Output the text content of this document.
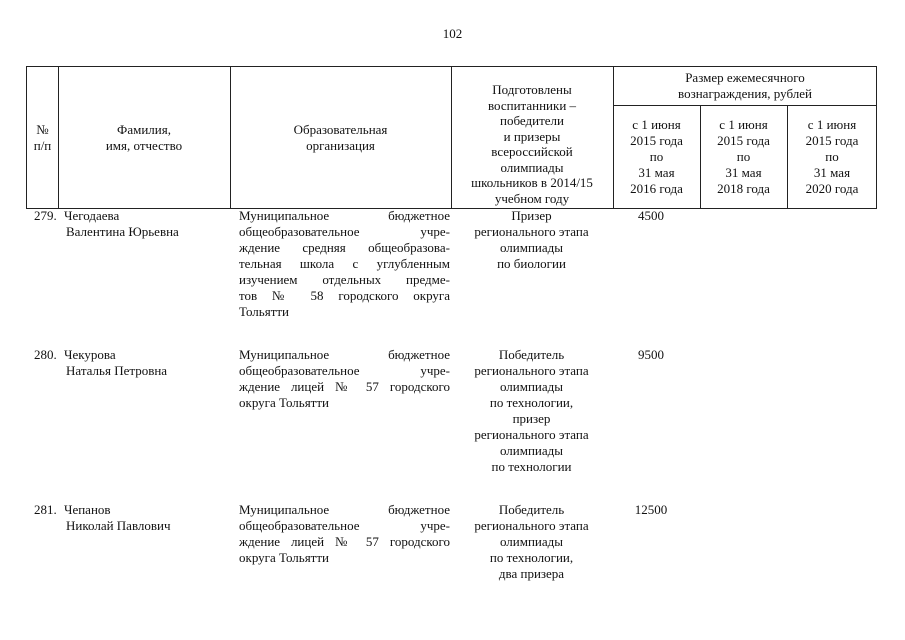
102
№
п/п
Фамилия,
имя, отчество
Образовательная
организация
Подготовлены
воспитанники –
победители
и призеры
всероссийской
олимпиады
школьников в 2014/15
учебном году
Размер ежемесячного
вознаграждения, рублей
с 1 июня
2015 года
по
31 мая
2016 года
с 1 июня
2015 года
по
31 мая
2018 года
с 1 июня
2015 года
по
31 мая
2020 года
279. Чегодаева
Валентина Юрьевна
Муниципальное бюджетное
общеобразовательное учре-
ждение средняя общеобразова-
тельная школа с углубленным
изучением отдельных предме-
тов № 58 городского округа
Тольятти
Призер
регионального этапа
олимпиады
по биологии
4500
280. Чекурова
Наталья Петровна
Муниципальное бюджетное
общеобразовательное учре-
ждение лицей № 57 городского
округа Тольятти
Победитель
регионального этапа
олимпиады
по технологии,
призер
регионального этапа
олимпиады
по технологии
9500
281. Чепанов
Николай Павлович
Муниципальное бюджетное
общеобразовательное учре-
ждение лицей № 57 городского
округа Тольятти
Победитель
регионального этапа
олимпиады
по технологии,
два призера
12500
